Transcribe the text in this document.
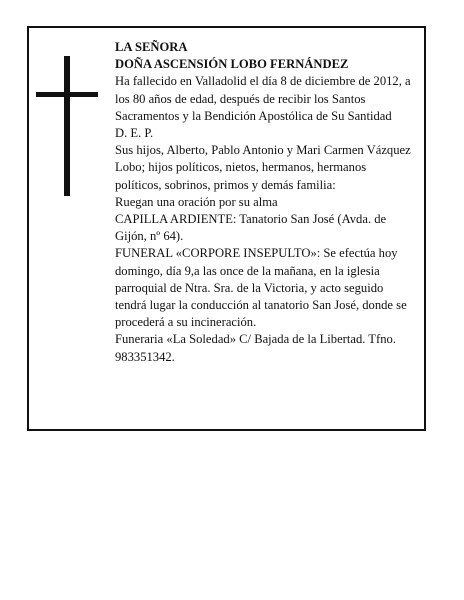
LA SEÑORA

DOÑA ASCENSIÓN LOBO FERNÁNDEZ

Ha fallecido en Valladolid el día 8 de diciembre de 2012, a los 80 años de edad, después de recibir los Santos Sacramentos y la Bendición Apostólica de Su Santidad

D. E. P.

Sus hijos, Alberto, Pablo Antonio y Mari Carmen Vázquez Lobo; hijos políticos, nietos, hermanos, hermanos políticos, sobrinos, primos y demás familia:

Ruegan una oración por su alma

CAPILLA ARDIENTE: Tanatorio San José (Avda. de Gijón, nº 64).

FUNERAL «CORPORE INSEPULTO»: Se efectúa hoy domingo, día 9,a las once de la mañana, en la iglesia parroquial de Ntra. Sra. de la Victoria, y acto seguido tendrá lugar la conducción al tanatorio San José, donde se procederá a su incineración.

Funeraria «La Soledad» C/ Bajada de la Libertad. Tfno. 983351342.
